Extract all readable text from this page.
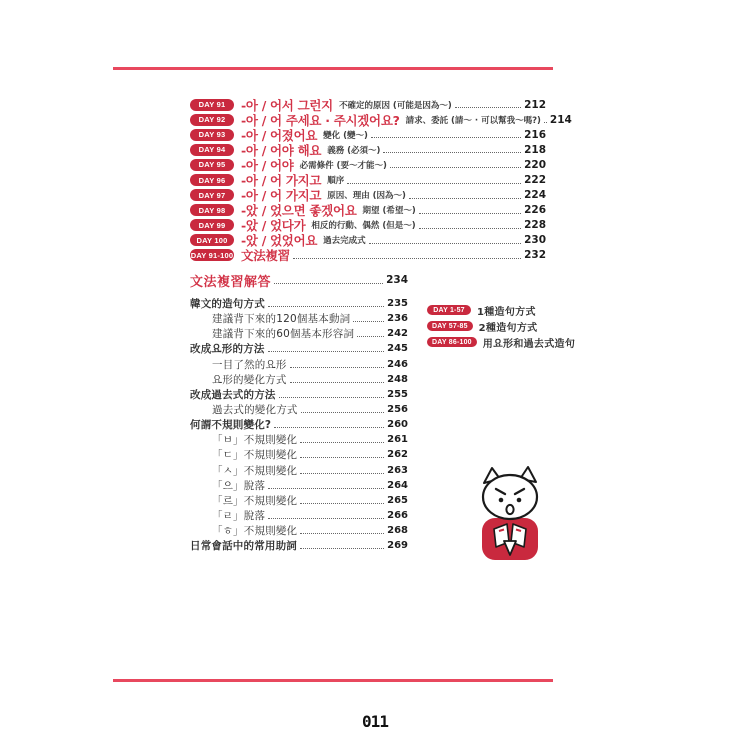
DAY 91	-아 / 어서 그런지 不確定的原因 (可能是因為～)	212
DAY 92	-아 / 어 주세요 · 주시겠어요? 請求、委託 (請～ · 可以幫我～嗎?) 214
DAY 93	-아 / 어졌어요 變化 (變～)	216
DAY 94	-아 / 어야 해요 義務 (必須～)	218
DAY 95	-아 / 어야 必需條件 (要～才能～)	220
DAY 96	-아 / 어 가지고 順序	222
DAY 97	-아 / 어 가지고 原因、理由 (因為～)	224
DAY 98	-았 / 었으면 좋겠어요 期望 (希望～)	226
DAY 99	-았 / 었다가 相反的行動、偶然 (但是～)	228
DAY 100	-았 / 었었어요 過去完成式	230
DAY 91-100 文法複習	232
文法複習解答	234
韓文的造句方式	235
建議背下來的120個基本動詞	236
建議背下來的60個基本形容詞	242
改成요形的方法	245
一目了然的요形	246
요形的變化方式	248
改成過去式的方法	255
過去式的變化方式	256
何謂不規則變化?	260
「ㅂ」不規則變化	261
「ㄷ」不規則變化	262
「ㅅ」不規則變化	263
「으」脫落	264
「르」不規則變化	265
「ㄹ」脫落	266
「ㅎ」不規則變化	268
日常會話中的常用助詞	269
DAY 1-57	1種造句方式
DAY 57-85	2種造句方式
DAY 86-100	用요形和過去式造句
011
